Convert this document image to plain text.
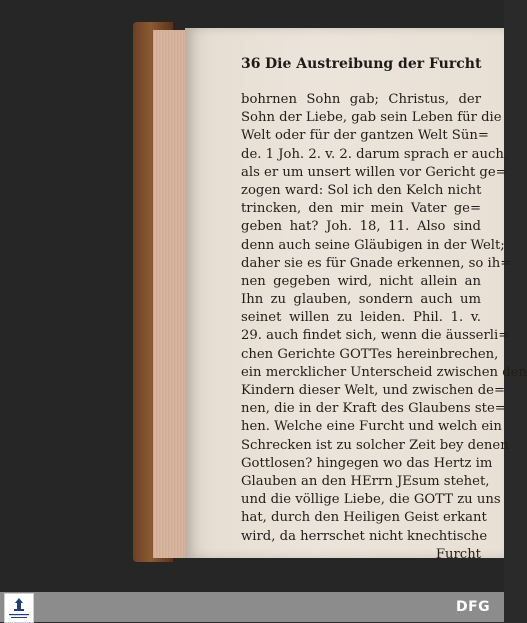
36 Die Austreibung der Furcht
bohrnen Sohn gab; Christus, der
Sohn der Liebe, gab sein Leben für die
Welt oder für der gantzen Welt Sün=
de. 1 Joh. 2. v. 2. darum sprach er auch,
als er um unsert willen vor Gericht ge=
zogen ward: Sol ich den Kelch nicht
trincken, den mir mein Vater ge=
geben hat? Joh. 18, 11. Also sind
denn auch seine Gläubigen in der Welt;
daher sie es für Gnade erkennen, so ih=
nen gegeben wird, nicht allein an
Ihn zu glauben, sondern auch um
seinet willen zu leiden. Phil. 1. v.
29. auch findet sich, wenn die äusserli=
chen Gerichte GOTTes hereinbrechen,
ein mercklicher Unterscheid zwischen den
Kindern dieser Welt, und zwischen de=
nen, die in der Kraft des Glaubens ste=
hen. Welche eine Furcht und welch ein
Schrecken ist zu solcher Zeit bey denen
Gottlosen? hingegen wo das Hertz im
Glauben an den HErrn JEsum stehet,
und die völlige Liebe, die GOTT zu uns
hat, durch den Heiligen Geist erkant
wird, da herrschet nicht knechtische
Furcht
DFG
